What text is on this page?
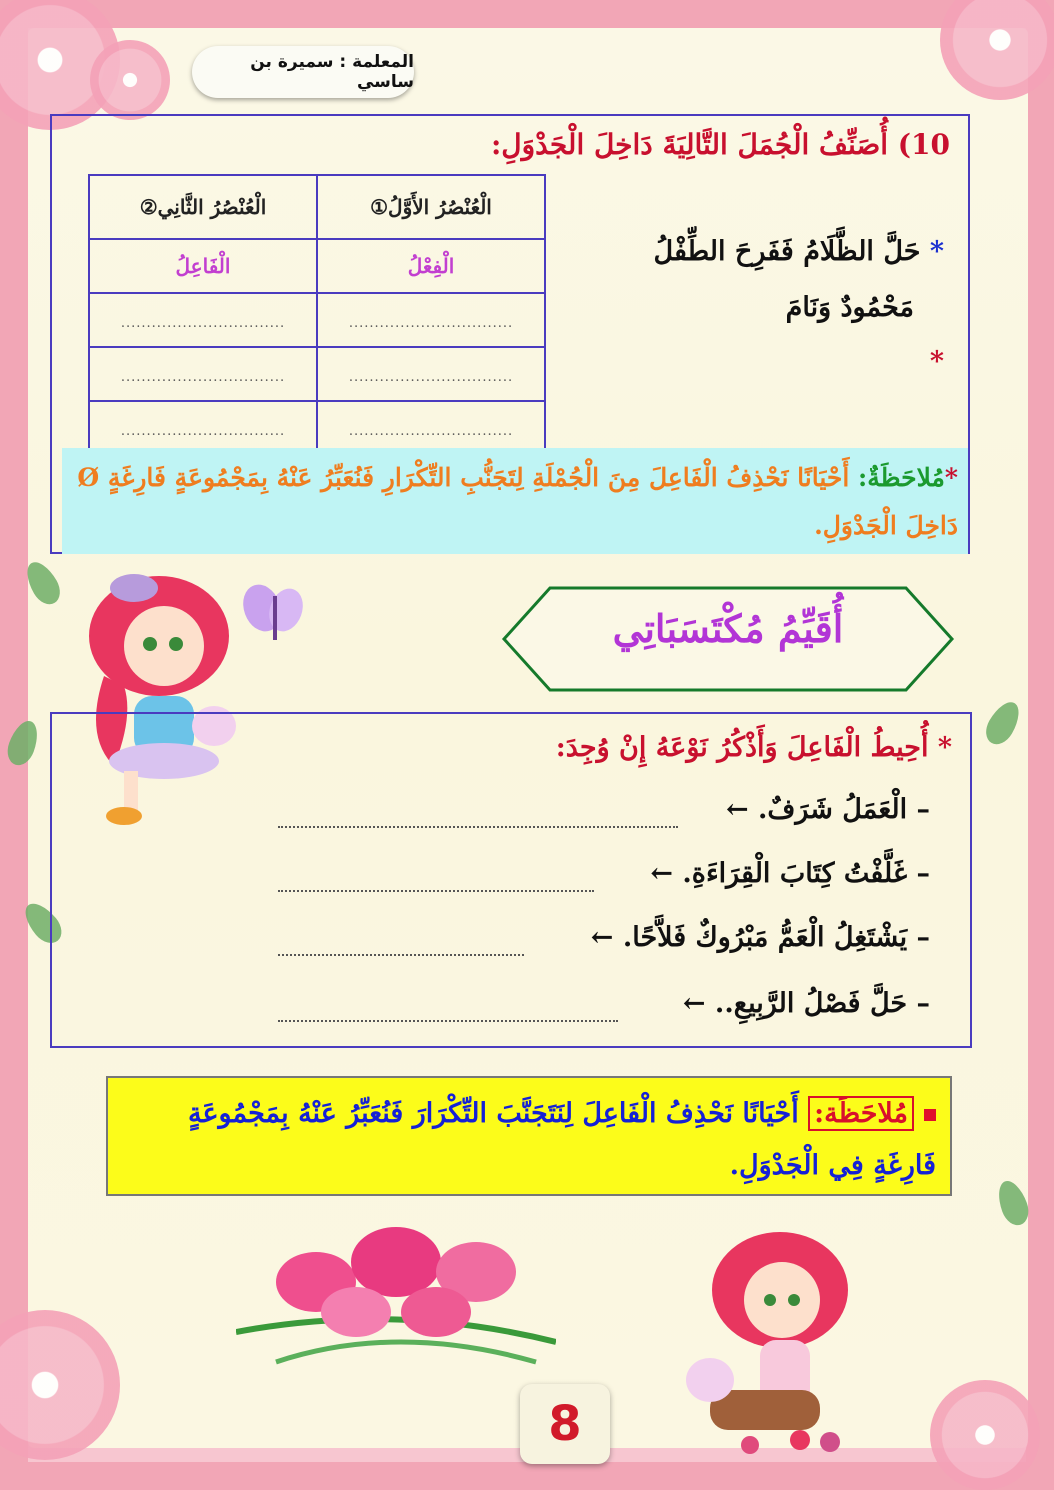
المعلمة : سميرة بن ساسي
10) أُصَنِّفُ الْجُمَلَ التَّالِيَةَ دَاخِلَ الْجَدْوَلِ:
الْعُنْصُرُ الأَوَّلُ①	الْعُنْصُرُ الثَّانِي②
الْفِعْلُ	الْفَاعِلُ
................................	................................
................................	................................
................................	................................
* حَلَّ الظَّلَامُ فَفَرِحَ الطِّفْلُ
مَحْمُودٌ وَنَامَ
*
*مُلاحَظَةٌ: أَحْيَانًا نَحْذِفُ الْفَاعِلَ مِنَ الْجُمْلَةِ لِتَجَنُّبِ التِّكْرَارِ فَنُعَبِّرُ عَنْهُ بِمَجْمُوعَةٍ فَارِغَةٍ Ø دَاخِلَ الْجَدْوَلِ.
أُقَيِّمُ مُكْتَسَبَاتِي
* أُحِيطُ الْفَاعِلَ وَأَذْكُرُ نَوْعَهُ إِنْ وُجِدَ:
– الْعَمَلُ شَرَفٌ. ←
– غَلَّفْتُ كِتَابَ الْقِرَاءَةِ. ←
– يَشْتَغِلُ الْعَمُّ مَبْرُوكٌ فَلاَّحًا. ←
– حَلَّ فَصْلُ الرَّبِيعِ.. ←
مُلاحَظَة: أَحْيَانًا نَحْذِفُ الْفَاعِلَ لِنَتَجَنَّبَ التِّكْرَارَ فَنُعَبِّرُ عَنْهُ بِمَجْمُوعَةٍ فَارِغَةٍ فِي الْجَدْوَلِ.
8
